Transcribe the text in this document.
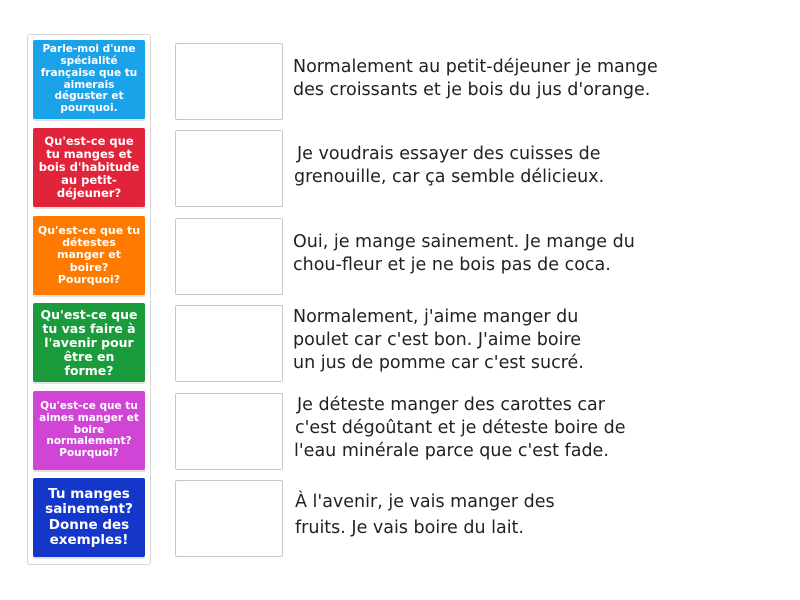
Parle-moi d'une spécialité française que tu aimerais déguster et pourquoi.
Qu'est-ce que tu manges et bois d'habitude au petit-déjeuner?
Qu'est-ce que tu détestes manger et boire? Pourquoi?
Qu'est-ce que tu vas faire à l'avenir pour être en forme?
Qu'est-ce que tu aimes manger et boire normalement? Pourquoi?
Tu manges sainement? Donne des exemples!
Normalement au petit-déjeuner je mange
des croissants et je bois du jus d'orange.
Je voudrais essayer des cuisses de
grenouille, car ça semble délicieux.
Oui, je mange sainement. Je mange du
chou-fleur et je ne bois pas de coca.
Normalement, j'aime manger du
poulet car c'est bon. J'aime boire
un jus de pomme car c'est sucré.
Je déteste manger des carottes car
c'est dégoûtant et je déteste boire de
l'eau minérale parce que c'est fade.
À l'avenir, je vais manger des
fruits. Je vais boire du lait.
